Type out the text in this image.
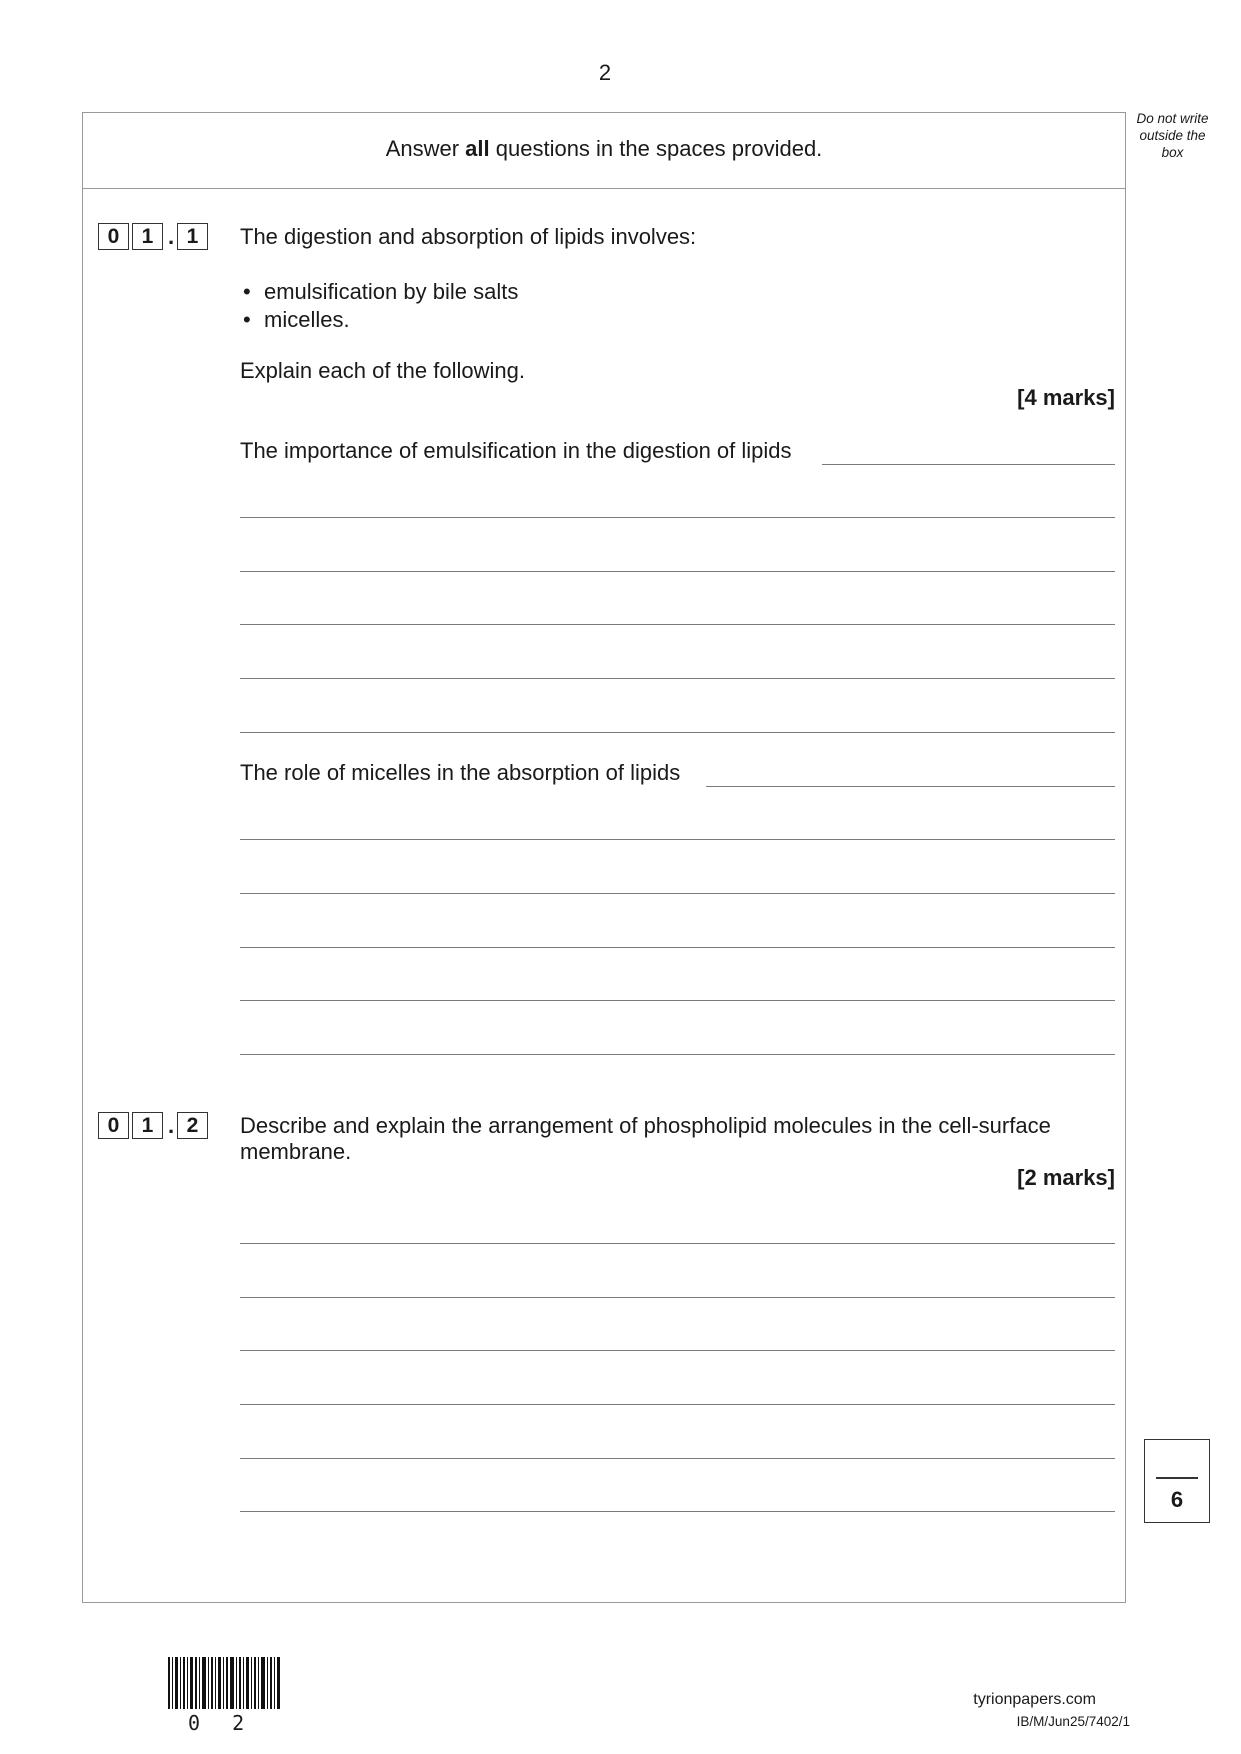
2
Do not write
outside the
box
Answer all questions in the spaces provided.
0	1 . 1	The digestion and absorption of lipids involves:
• emulsification by bile salts
• micelles.
Explain each of the following.
[4 marks]
The importance of emulsification in the digestion of lipids
The role of micelles in the absorption of lipids
0	1 . 2	Describe and explain the arrangement of phospholipid molecules in the cell-surface
membrane.
[2 marks]
6
0 2
tyrionpapers.com
IB/M/Jun25/7402/1
